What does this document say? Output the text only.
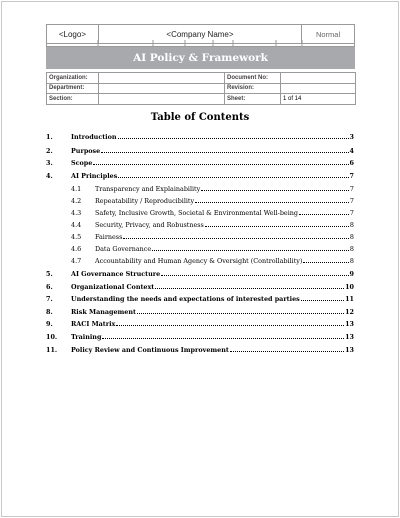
<Logo>	<Company Name>	Normal
AI Policy & Framework
Organization:		Document No:	
Department:		Revision:	
Section:		Sheet:	1 of 14
Table of Contents
1.	Introduction	3
2.	Purpose	4
3.	Scope	6
4.	AI Principles	7
4.1 Transparency and Explainability	7
4.2 Repeatability / Reproducibility	7
4.3 Safety, Inclusive Growth, Societal & Environmental Well-being	7
4.4 Security, Privacy, and Robustness	8
4.5 Fairness	8
4.6 Data Governance	8
4.7 Accountability and Human Agency & Oversight (Controllability)	8
5.	AI Governance Structure	9
6.	Organizational Context	10
7.	Understanding the needs and expectations of interested parties	11
8.	Risk Management	12
9.	RACI Matrix	13
10. Training	13
11. Policy Review and Continuous Improvement	13
